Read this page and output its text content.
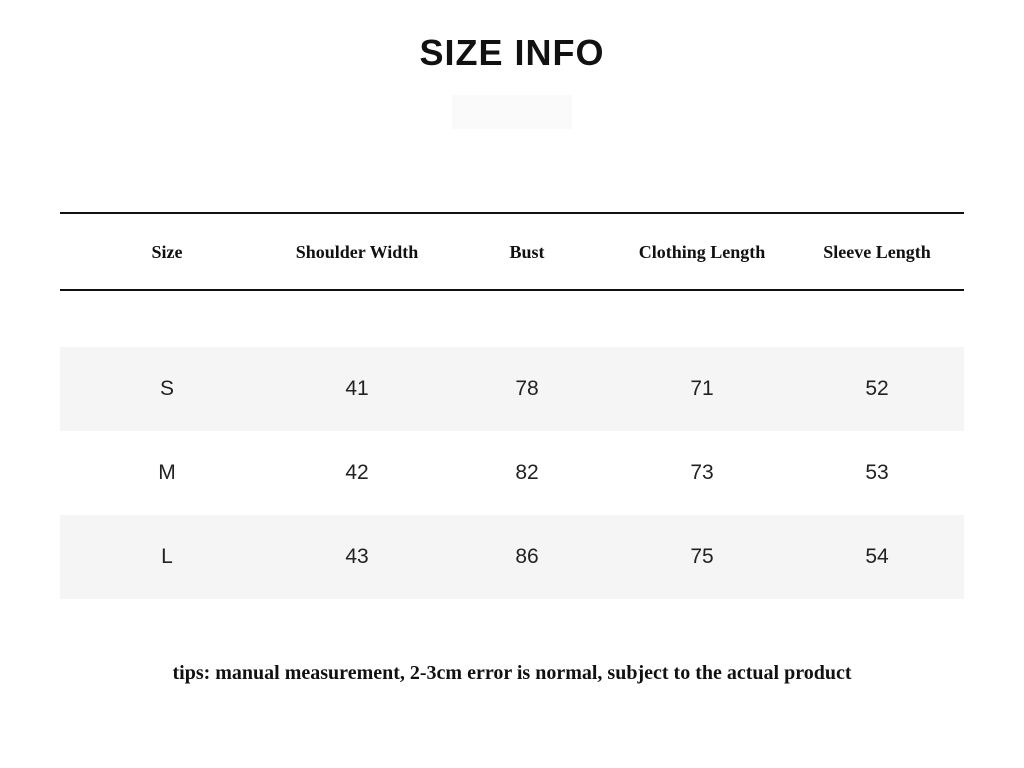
SIZE INFO
Size	Shoulder Width	Bust	Clothing Length	Sleeve Length

S	41	78	71	52
M	42	82	73	53
L	43	86	75	54
tips: manual measurement, 2-3cm error is normal, subject to the actual product
